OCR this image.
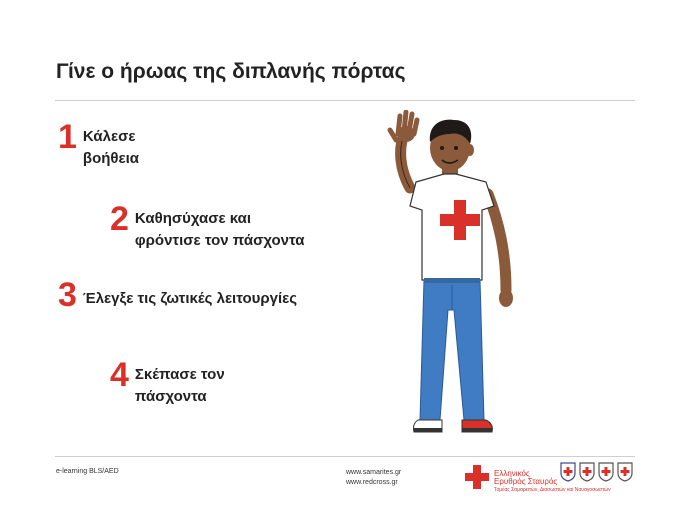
Γίνε ο ήρωας της διπλανής πόρτας
1 Κάλεσε
βοήθεια
2 Καθησύχασε και
φρόντισε τον πάσχοντα
3 Έλεγξε τις ζωτικές λειτουργίες
4 Σκέπασε τον
πάσχοντα
e-learning BLS/AED	www.samarites.gr
www.redcross.gr
Ελληνικός
Ερυθρός Σταυρός
Τομέας Σαμαρειτών, Διασωστών και Ναυαγοσωστών
